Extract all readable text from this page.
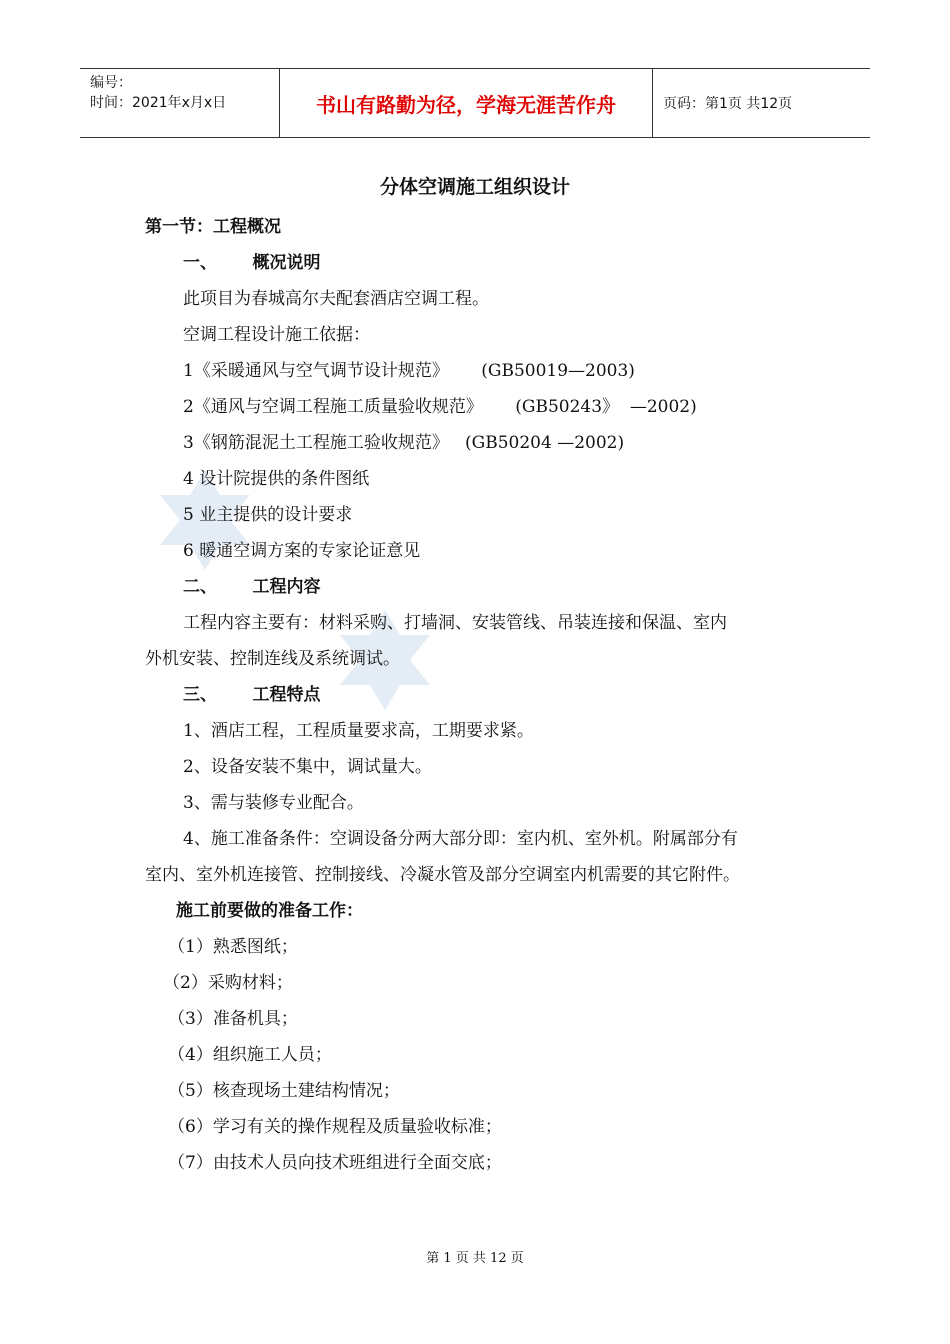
编号：
时间：2021年x月x日	书山有路勤为径，学海无涯苦作舟	页码：第1页 共12页
分体空调施工组织设计
第一节：工程概况
一、      概况说明
此项目为春城高尔夫配套酒店空调工程。
空调工程设计施工依据：
1《采暖通风与空气调节设计规范》      (GB50019—2003)
2《通风与空调工程施工质量验收规范》      (GB50243》  —2002)
3《钢筋混泥土工程施工验收规范》   (GB50204 —2002)
4 设计院提供的条件图纸
5 业主提供的设计要求
6 暖通空调方案的专家论证意见
二、      工程内容
工程内容主要有：材料采购、打墙洞、安装管线、吊装连接和保温、室内
外机安装、控制连线及系统调试。
三、      工程特点
1、酒店工程，工程质量要求高，工期要求紧。
2、设备安装不集中，调试量大。
3、需与装修专业配合。
4、施工准备条件：空调设备分两大部分即：室内机、室外机。附属部分有
室内、室外机连接管、控制接线、冷凝水管及部分空调室内机需要的其它附件。
施工前要做的准备工作：
（1）熟悉图纸；
（2）采购材料；
（3）准备机具；
（4）组织施工人员；
（5）核查现场土建结构情况；
（6）学习有关的操作规程及质量验收标准；
（7）由技术人员向技术班组进行全面交底；
第 1 页 共 12 页
